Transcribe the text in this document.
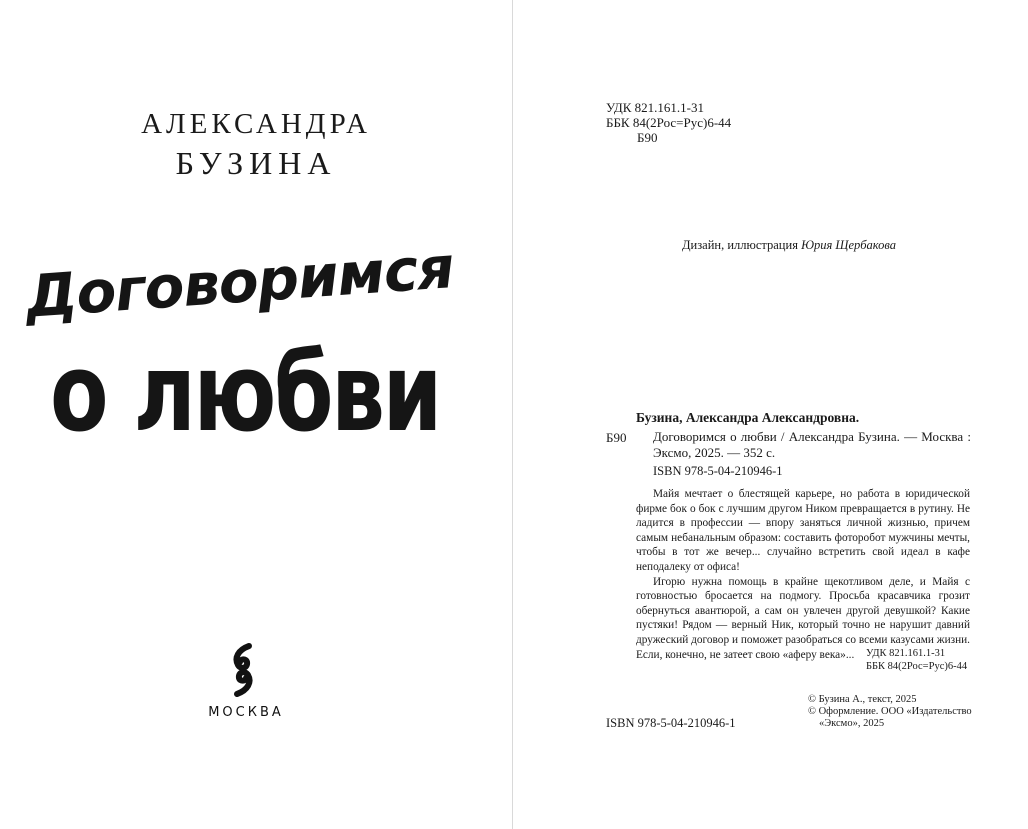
АЛЕКСАНДРА
БУЗИНА
Договоримся
о любви
МОСКВА
УДК 821.161.1-31
ББК 84(2Рос=Рус)6-44
Б90
Дизайн, иллюстрация Юрия Щербакова
Бузина, Александра Александровна.
Б90 Договоримся о любви / Александра Бузина. — Москва : Эксмо, 2025. — 352 с.

ISBN 978-5-04-210946-1

Майя мечтает о блестящей карьере, но работа в юридической фирме бок о бок с лучшим другом Ником превращается в рутину. Не ладится в профессии — впору заняться личной жизнью, причем самым небанальным образом: составить фоторобот мужчины мечты, чтобы в тот же вечер... случайно встретить свой идеал в кафе неподалеку от офиса!

Игорю нужна помощь в крайне щекотливом деле, и Майя с готовностью бросается на подмогу. Просьба красавчика грозит обернуться авантюрой, а сам он увлечен другой девушкой? Какие пустяки! Рядом — верный Ник, который точно не нарушит давний дружеский договор и поможет разобраться со всеми казусами жизни. Если, конечно, не затеет свою «аферу века»...	УДК 821.161.1-31
ББК 84(2Рос=Рус)6-44
© Бузина А., текст, 2025
© Оформление. ООО «Издательство
«Эксмо», 2025
ISBN 978-5-04-210946-1
